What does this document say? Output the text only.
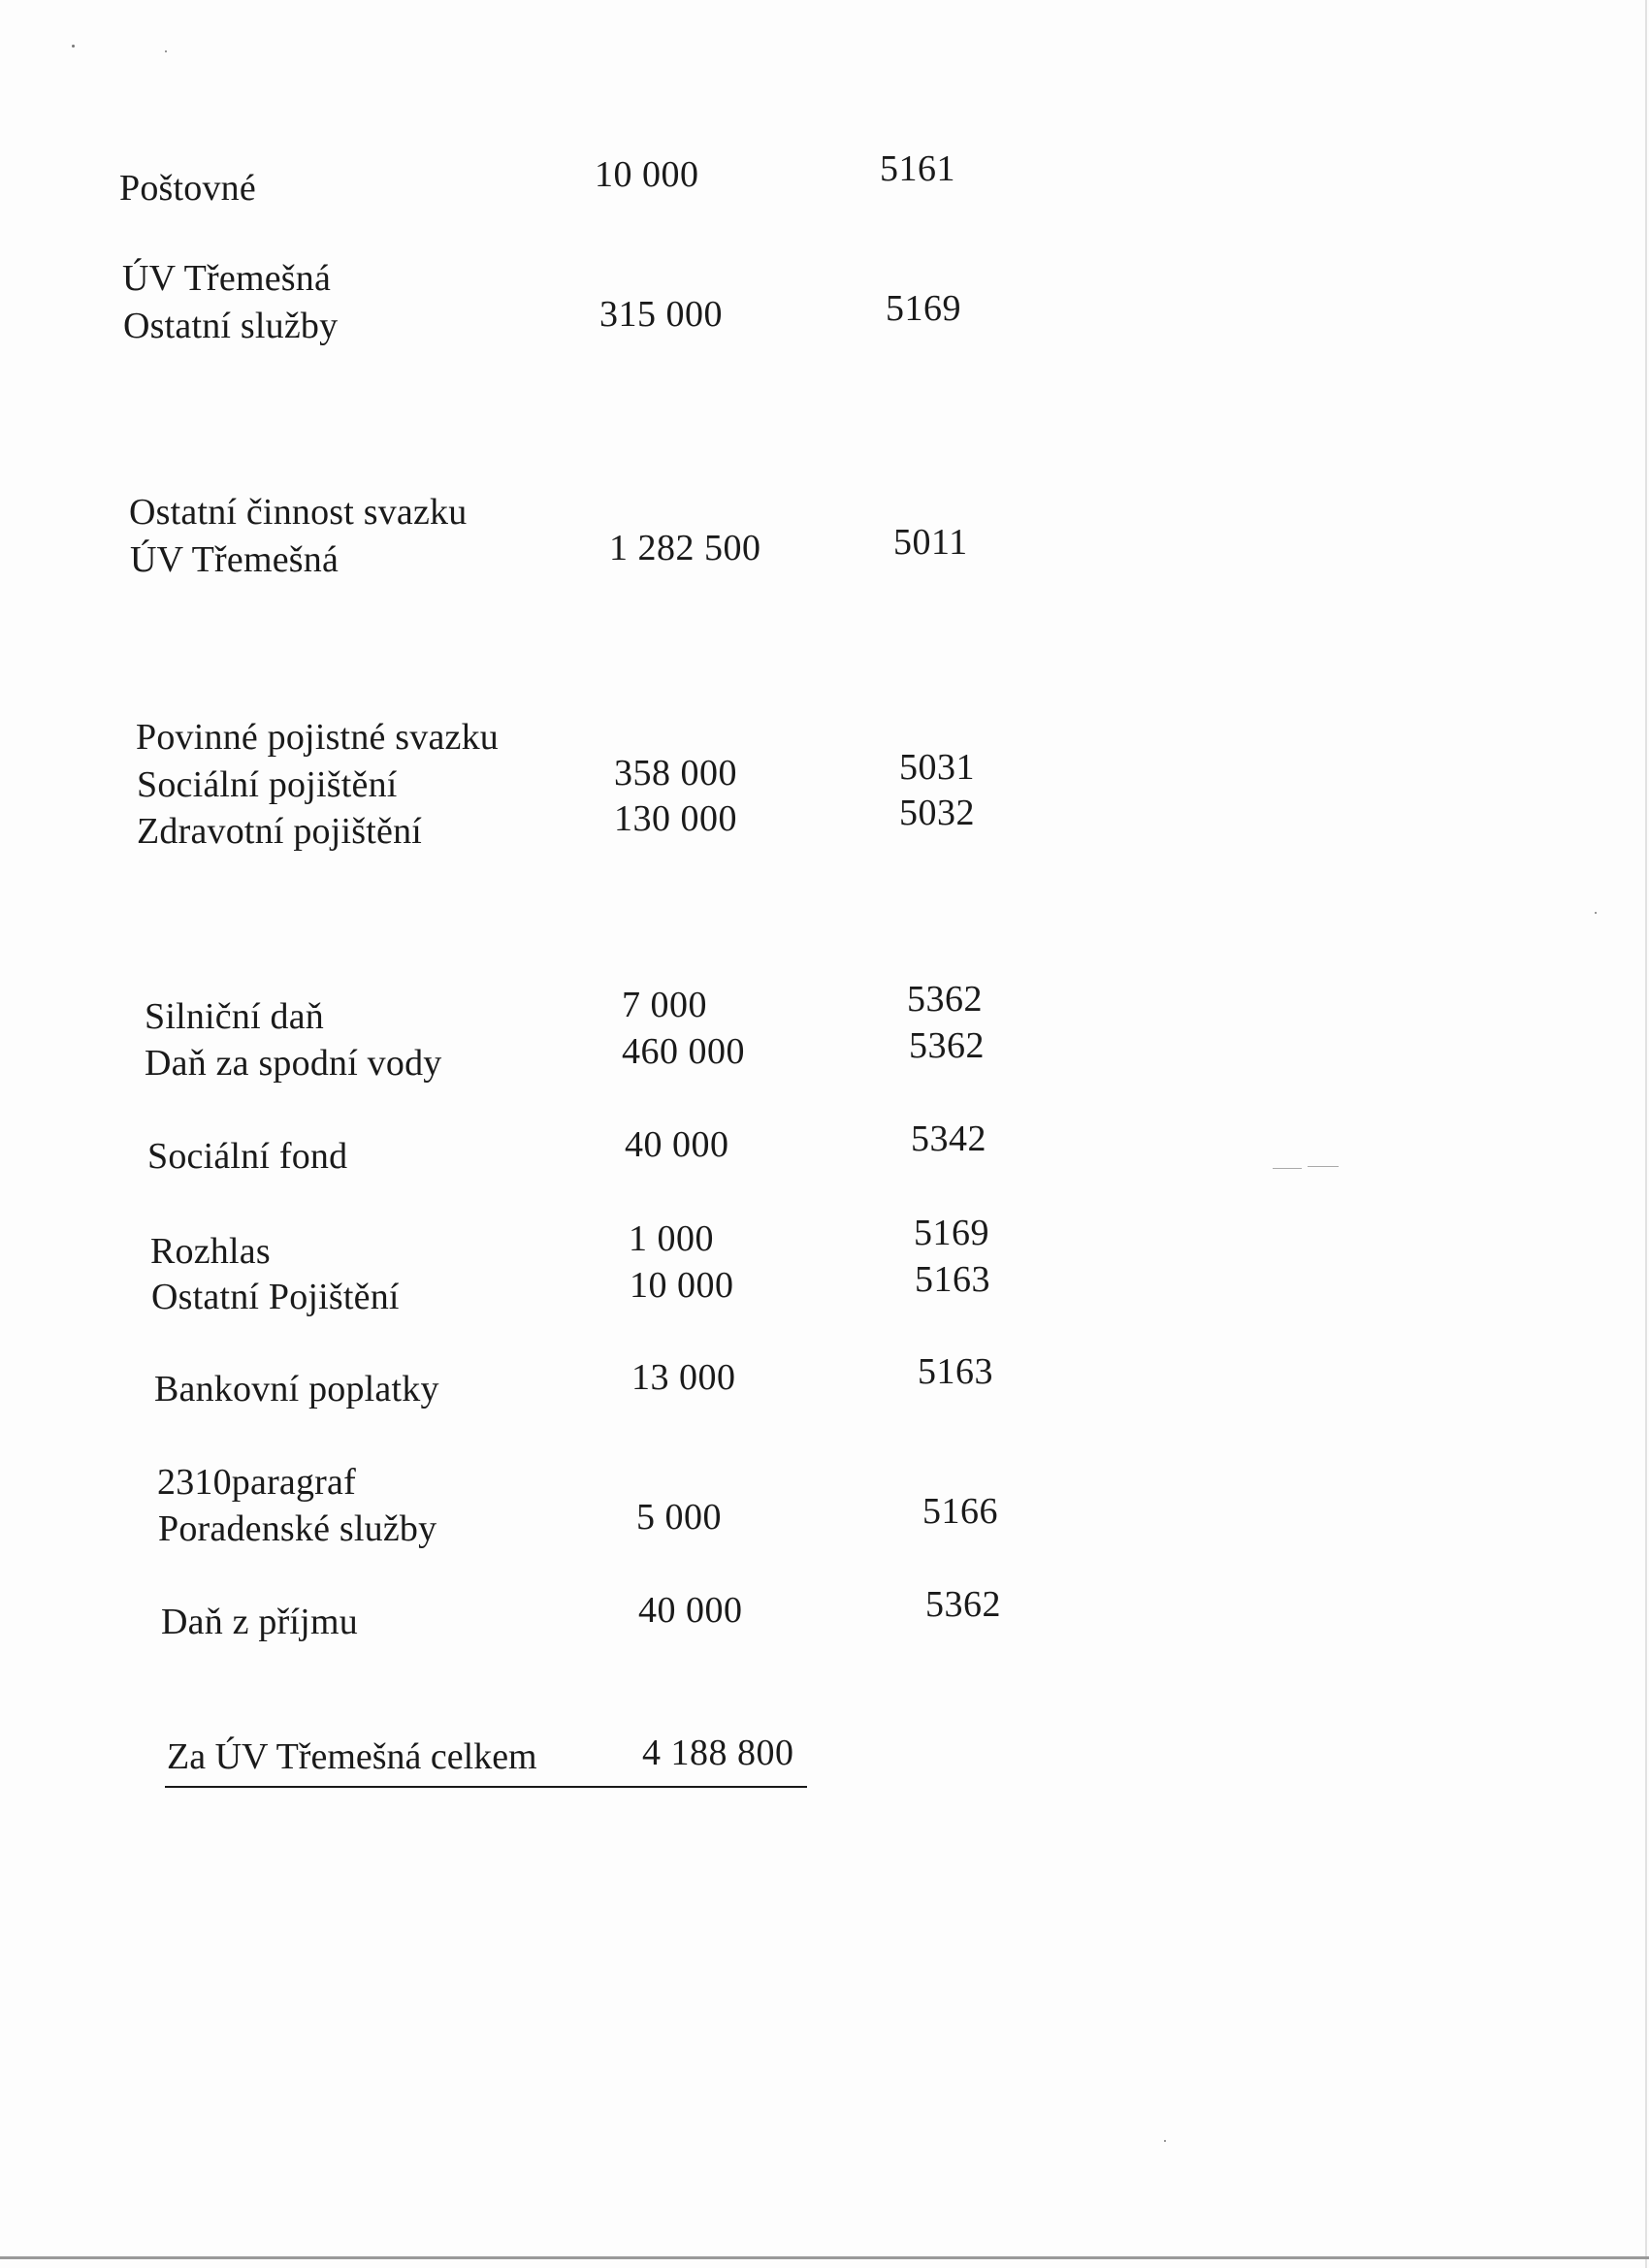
Poštovné	10 000	5161
ÚV Třemešná
Ostatní služby	315 000	5169
Ostatní činnost svazku
ÚV Třemešná	1 282 500	5011
Povinné pojistné svazku
Sociální pojištění	358 000	5031
Zdravotní pojištění	130 000	5032
Silniční daň	7 000	5362
Daň za spodní vody	460 000	5362
Sociální fond	40 000	5342
Rozhlas	1 000	5169
Ostatní Pojištění	10 000	5163
Bankovní poplatky	13 000	5163
2310paragraf
Poradenské služby	5 000	5166
Daň z příjmu	40 000	5362
Za ÚV Třemešná celkem	4 188 800
